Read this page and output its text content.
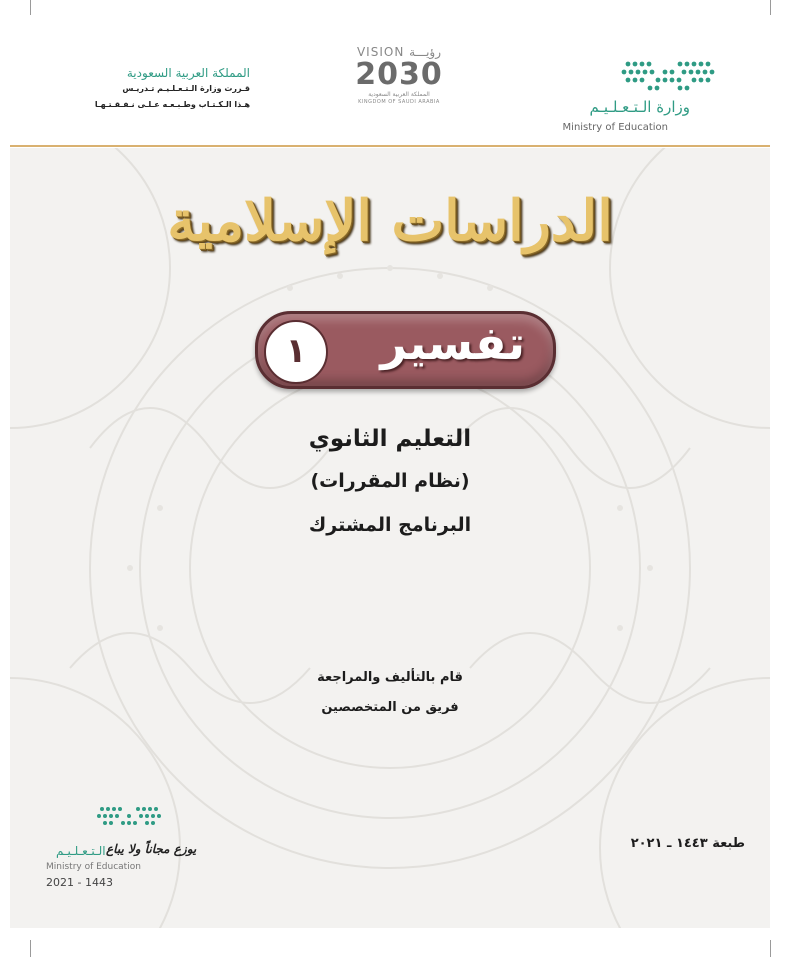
المملكة العربية السعودية
قـررت وزارة الـتـعـلـيـم تـدريـس
هـذا الـكـتـاب وطـبـعـه عـلـى نـفـقـتـهـا
VISION رؤيـــة
2030
المملكة العربية السعودية
KINGDOM OF SAUDI ARABIA	وزارة الـتـعـلـيـم
Ministry of Education
الدراسات الإسلامية
تفسير
١
التعليم الثانوي
(نظام المقررات)
البرنامج المشترك
قام بالتأليف والمراجعة
فريق من المتخصصين
طبعة ١٤٤٣ ـ ٢٠٢١
الـتـعـلـيـم يوزع مجاناً ولا يباع
Ministry of Education
2021 - 1443
